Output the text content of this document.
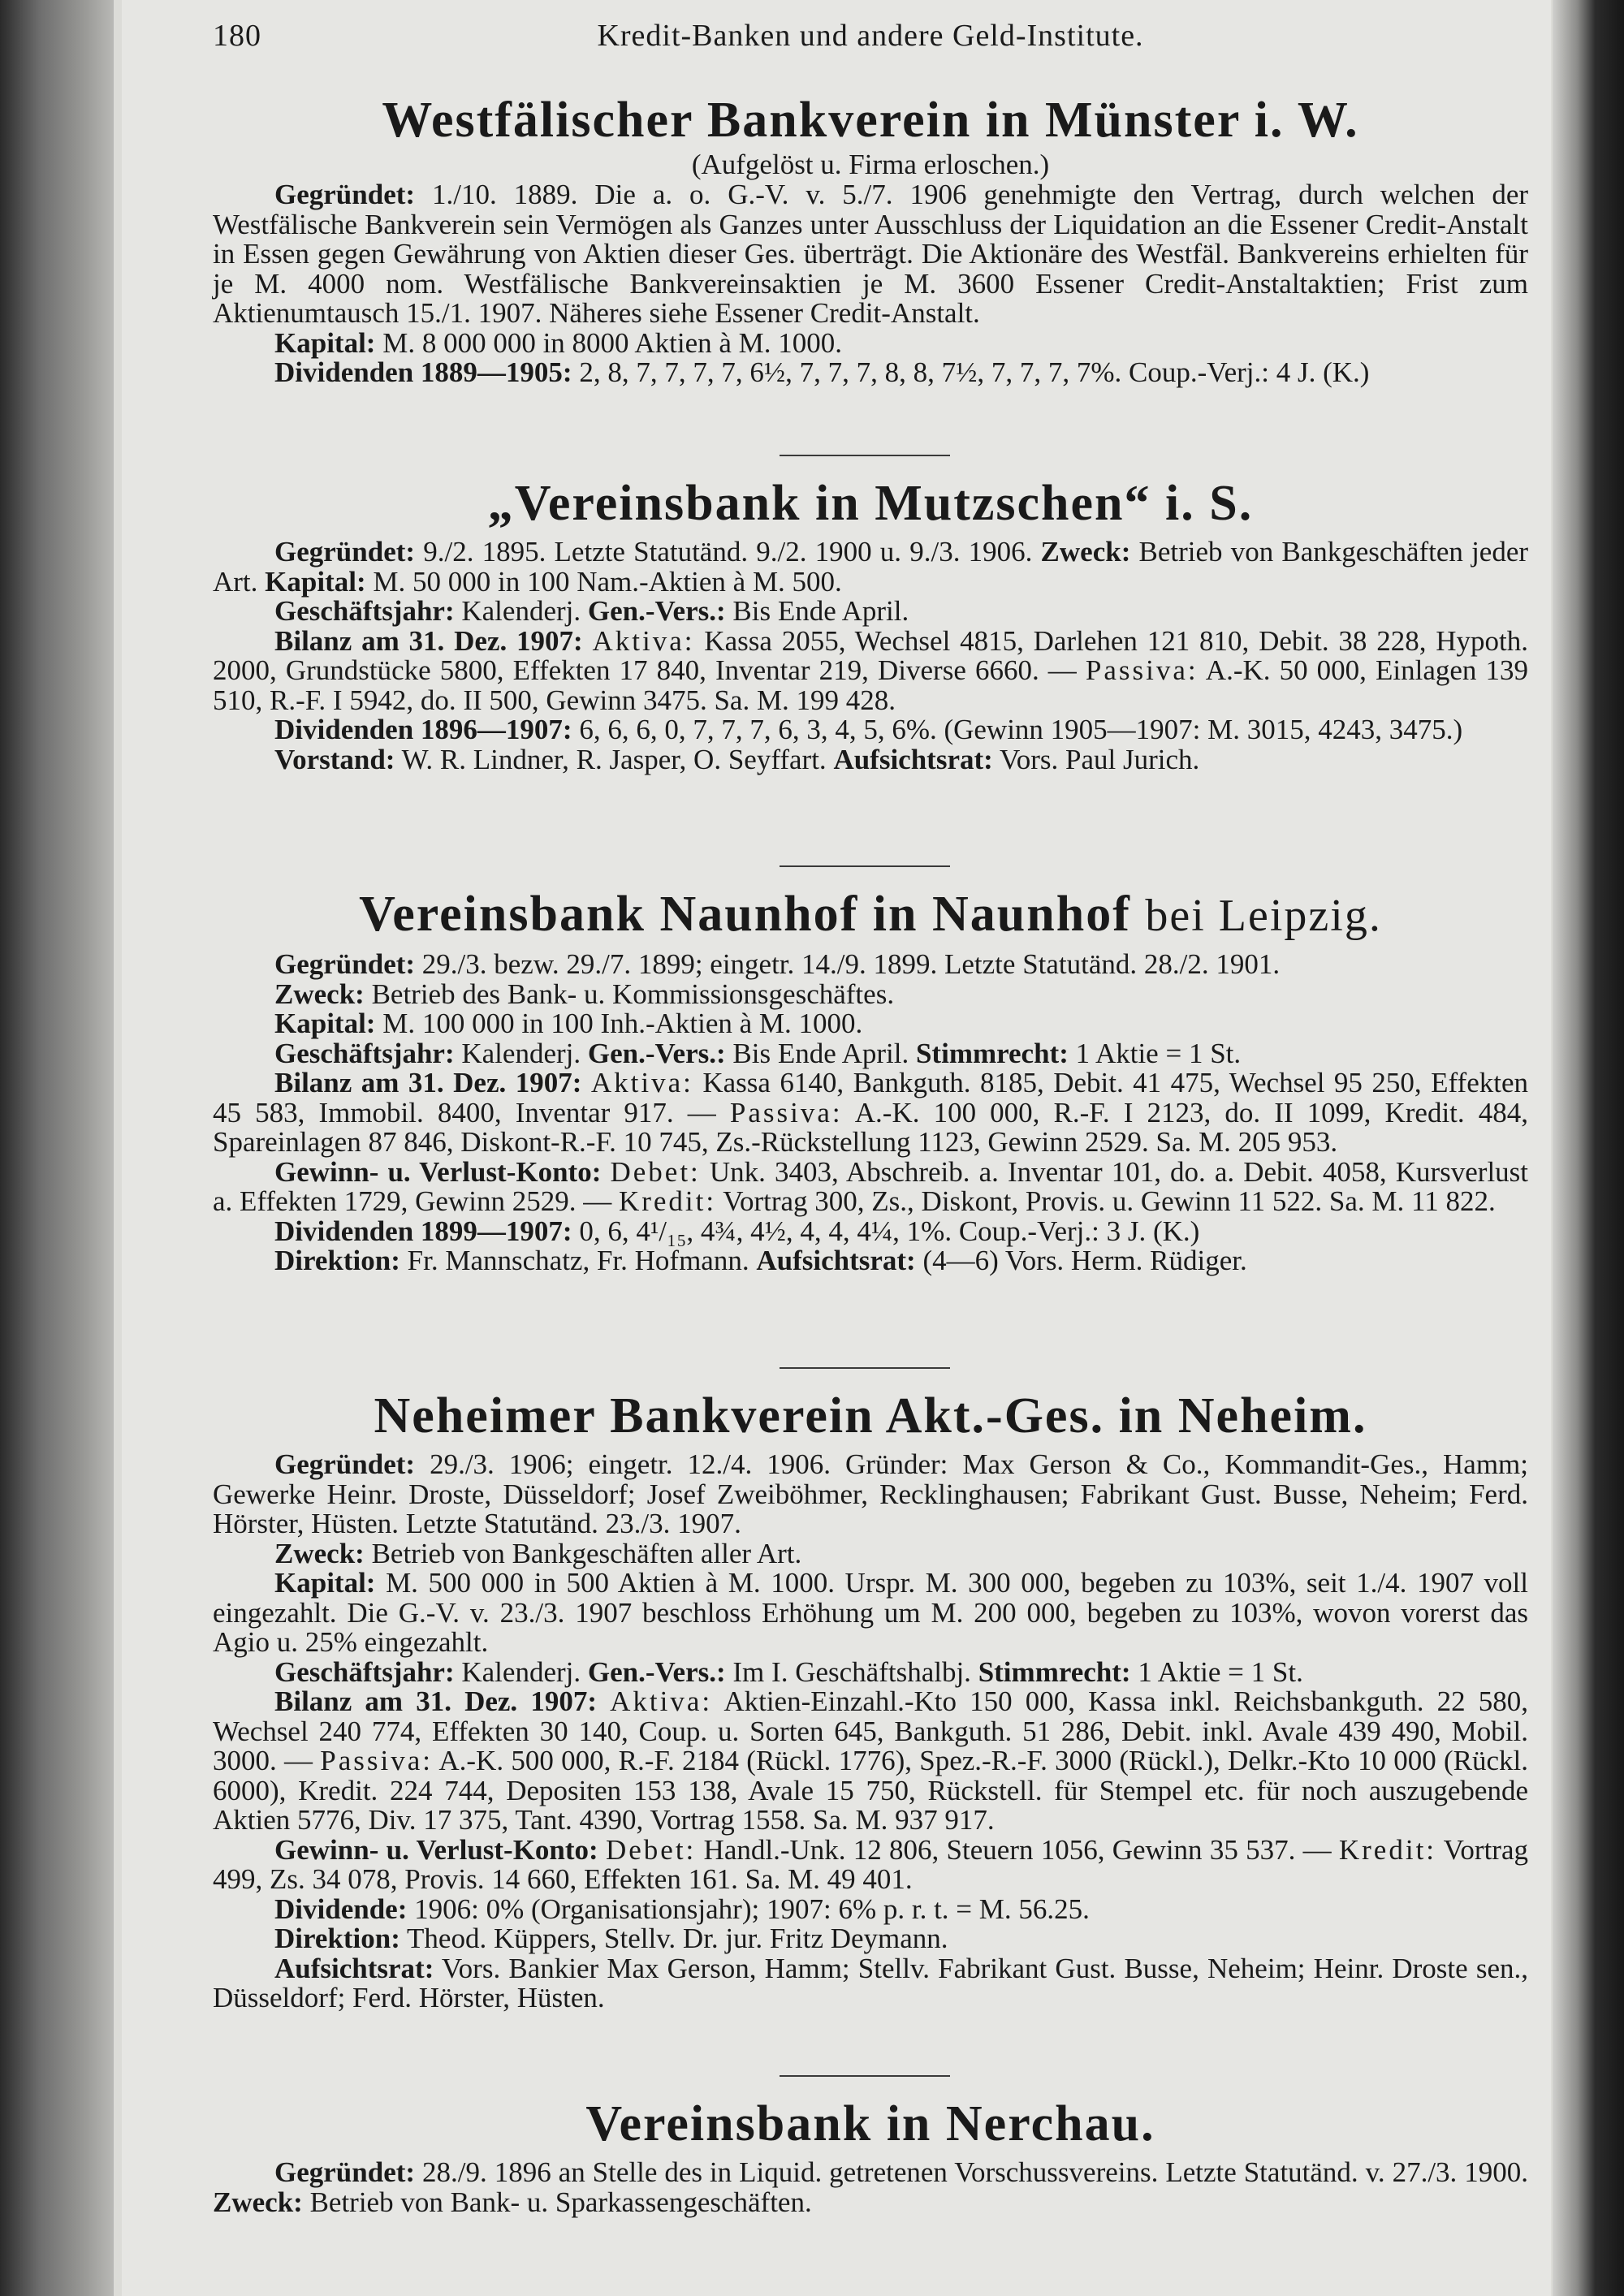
180	Kredit-Banken und andere Geld-Institute.
Westfälischer Bankverein in Münster i. W.
(Aufgelöst u. Firma erloschen.)

Gegründet: 1./10. 1889. Die a. o. G.-V. v. 5./7. 1906 genehmigte den Vertrag, durch welchen der Westfälische Bankverein sein Vermögen als Ganzes unter Ausschluss der Liquidation an die Essener Credit-Anstalt in Essen gegen Gewährung von Aktien dieser Ges. überträgt. Die Aktionäre des Westfäl. Bankvereins erhielten für je M. 4000 nom. Westfälische Bankvereinsaktien je M. 3600 Essener Credit-Anstaltaktien; Frist zum Aktienumtausch 15./1. 1907. Näheres siehe Essener Credit-Anstalt.

Kapital: M. 8 000 000 in 8000 Aktien à M. 1000.

Dividenden 1889—1905: 2, 8, 7, 7, 7, 7, 6½, 7, 7, 7, 8, 8, 7½, 7, 7, 7, 7%. Coup.-Verj.: 4 J. (K.)

„Vereinsbank in Mutzschen“ i. S.

Gegründet: 9./2. 1895. Letzte Statutänd. 9./2. 1900 u. 9./3. 1906. Zweck: Betrieb von Bankgeschäften jeder Art. Kapital: M. 50 000 in 100 Nam.-Aktien à M. 500.

Geschäftsjahr: Kalenderj. Gen.-Vers.: Bis Ende April.

Bilanz am 31. Dez. 1907: Aktiva: Kassa 2055, Wechsel 4815, Darlehen 121 810, Debit. 38 228, Hypoth. 2000, Grundstücke 5800, Effekten 17 840, Inventar 219, Diverse 6660. — Passiva: A.-K. 50 000, Einlagen 139 510, R.-F. I 5942, do. II 500, Gewinn 3475. Sa. M. 199 428.

Dividenden 1896—1907: 6, 6, 6, 0, 7, 7, 7, 6, 3, 4, 5, 6%. (Gewinn 1905—1907: M. 3015, 4243, 3475.)

Vorstand: W. R. Lindner, R. Jasper, O. Seyffart. Aufsichtsrat: Vors. Paul Jurich.

Vereinsbank Naunhof in Naunhof bei Leipzig.

Gegründet: 29./3. bezw. 29./7. 1899; eingetr. 14./9. 1899. Letzte Statutänd. 28./2. 1901.

Zweck: Betrieb des Bank- u. Kommissionsgeschäftes.

Kapital: M. 100 000 in 100 Inh.-Aktien à M. 1000.

Geschäftsjahr: Kalenderj. Gen.-Vers.: Bis Ende April. Stimmrecht: 1 Aktie = 1 St.

Bilanz am 31. Dez. 1907: Aktiva: Kassa 6140, Bankguth. 8185, Debit. 41 475, Wechsel 95 250, Effekten 45 583, Immobil. 8400, Inventar 917. — Passiva: A.-K. 100 000, R.-F. I 2123, do. II 1099, Kredit. 484, Spareinlagen 87 846, Diskont-R.-F. 10 745, Zs.-Rückstellung 1123, Gewinn 2529. Sa. M. 205 953.

Gewinn- u. Verlust-Konto: Debet: Unk. 3403, Abschreib. a. Inventar 101, do. a. Debit. 4058, Kursverlust a. Effekten 1729, Gewinn 2529. — Kredit: Vortrag 300, Zs., Diskont, Provis. u. Gewinn 11 522. Sa. M. 11 822.

Dividenden 1899—1907: 0, 6, 4¹/₁₅, 4¾, 4½, 4, 4, 4¼, 1%. Coup.-Verj.: 3 J. (K.)

Direktion: Fr. Mannschatz, Fr. Hofmann. Aufsichtsrat: (4—6) Vors. Herm. Rüdiger.

Neheimer Bankverein Akt.-Ges. in Neheim.

Gegründet: 29./3. 1906; eingetr. 12./4. 1906. Gründer: Max Gerson & Co., Kommandit-Ges., Hamm; Gewerke Heinr. Droste, Düsseldorf; Josef Zweiböhmer, Recklinghausen; Fabrikant Gust. Busse, Neheim; Ferd. Hörster, Hüsten. Letzte Statutänd. 23./3. 1907.

Zweck: Betrieb von Bankgeschäften aller Art.

Kapital: M. 500 000 in 500 Aktien à M. 1000. Urspr. M. 300 000, begeben zu 103%, seit 1./4. 1907 voll eingezahlt. Die G.-V. v. 23./3. 1907 beschloss Erhöhung um M. 200 000, begeben zu 103%, wovon vorerst das Agio u. 25% eingezahlt.

Geschäftsjahr: Kalenderj. Gen.-Vers.: Im I. Geschäftshalbj. Stimmrecht: 1 Aktie = 1 St.

Bilanz am 31. Dez. 1907: Aktiva: Aktien-Einzahl.-Kto 150 000, Kassa inkl. Reichsbankguth. 22 580, Wechsel 240 774, Effekten 30 140, Coup. u. Sorten 645, Bankguth. 51 286, Debit. inkl. Avale 439 490, Mobil. 3000. — Passiva: A.-K. 500 000, R.-F. 2184 (Rückl. 1776), Spez.-R.-F. 3000 (Rückl.), Delkr.-Kto 10 000 (Rückl. 6000), Kredit. 224 744, Depositen 153 138, Avale 15 750, Rückstell. für Stempel etc. für noch auszugebende Aktien 5776, Div. 17 375, Tant. 4390, Vortrag 1558. Sa. M. 937 917.

Gewinn- u. Verlust-Konto: Debet: Handl.-Unk. 12 806, Steuern 1056, Gewinn 35 537. — Kredit: Vortrag 499, Zs. 34 078, Provis. 14 660, Effekten 161. Sa. M. 49 401.

Dividende: 1906: 0% (Organisationsjahr); 1907: 6% p. r. t. = M. 56.25.

Direktion: Theod. Küppers, Stellv. Dr. jur. Fritz Deymann.

Aufsichtsrat: Vors. Bankier Max Gerson, Hamm; Stellv. Fabrikant Gust. Busse, Neheim; Heinr. Droste sen., Düsseldorf; Ferd. Hörster, Hüsten.

Vereinsbank in Nerchau.

Gegründet: 28./9. 1896 an Stelle des in Liquid. getretenen Vorschussvereins. Letzte Statutänd. v. 27./3. 1900. Zweck: Betrieb von Bank- u. Sparkassengeschäften.
